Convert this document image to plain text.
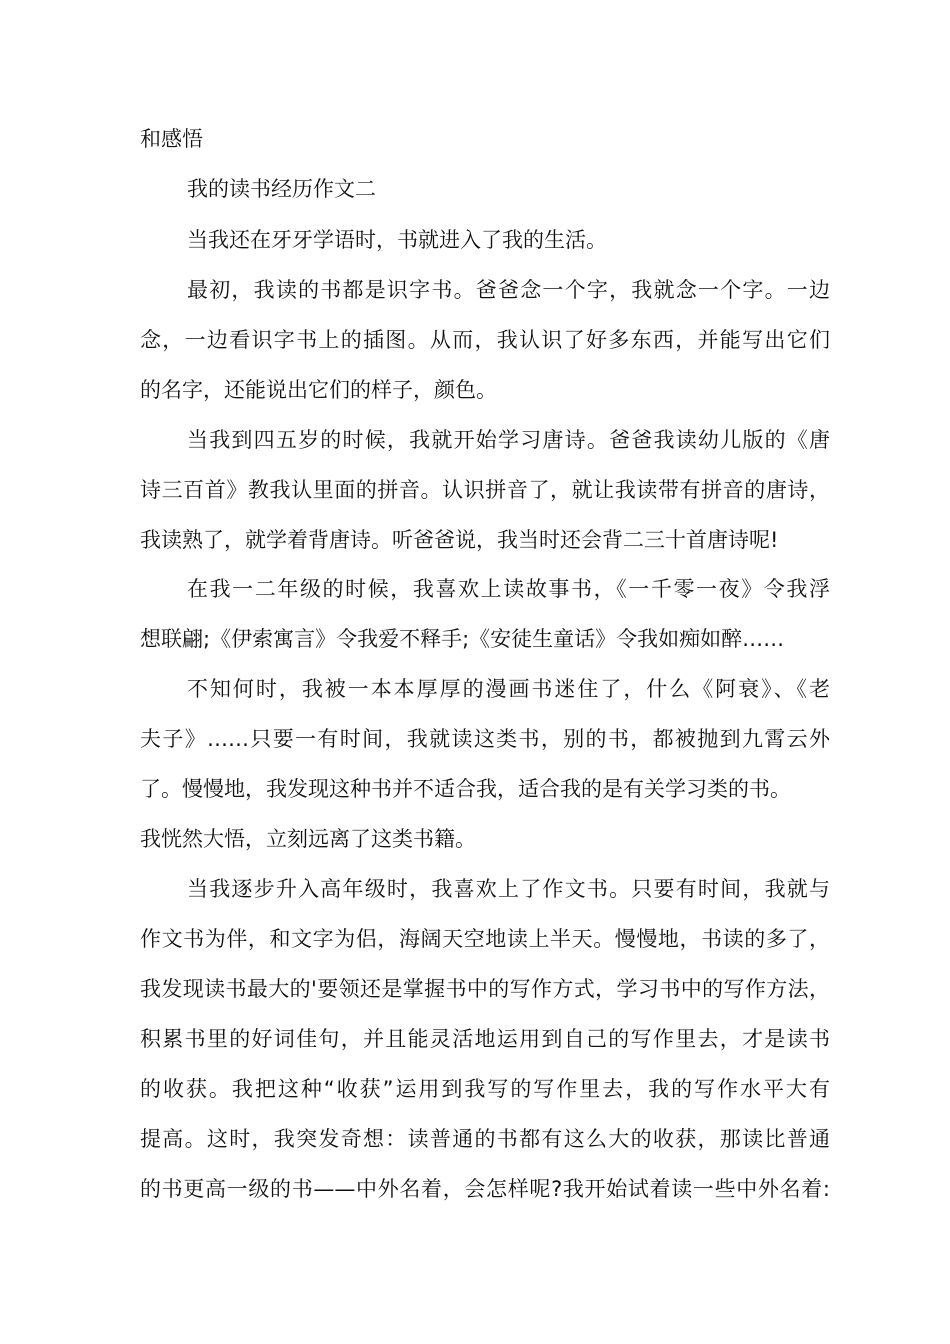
和感悟
我的读书经历作文二
当我还在牙牙学语时，书就进入了我的生活。
最初，我读的书都是识字书。爸爸念一个字，我就念一个字。一边
念，一边看识字书上的插图。从而，我认识了好多东西，并能写出它们
的名字，还能说出它们的样子，颜色。
当我到四五岁的时候，我就开始学习唐诗。爸爸我读幼儿版的《唐
诗三百首》教我认里面的拼音。认识拼音了，就让我读带有拼音的唐诗，
我读熟了，就学着背唐诗。听爸爸说，我当时还会背二三十首唐诗呢!
在我一二年级的时候，我喜欢上读故事书，《一千零一夜》令我浮
想联翩;《伊索寓言》令我爱不释手;《安徒生童话》令我如痴如醉……
不知何时，我被一本本厚厚的漫画书迷住了，什么《阿衰》、《老
夫子》……只要一有时间，我就读这类书，别的书，都被抛到九霄云外
了。慢慢地，我发现这种书并不适合我，适合我的是有关学习类的书。
我恍然大悟，立刻远离了这类书籍。
当我逐步升入高年级时，我喜欢上了作文书。只要有时间，我就与
作文书为伴，和文字为侣，海阔天空地读上半天。慢慢地，书读的多了，
我发现读书最大的'要领还是掌握书中的写作方式，学习书中的写作方法，
积累书里的好词佳句，并且能灵活地运用到自己的写作里去，才是读书
的收获。我把这种“收获”运用到我写的写作里去，我的写作水平大有
提高。这时，我突发奇想：读普通的书都有这么大的收获，那读比普通
的书更高一级的书——中外名着，会怎样呢?我开始试着读一些中外名着:
